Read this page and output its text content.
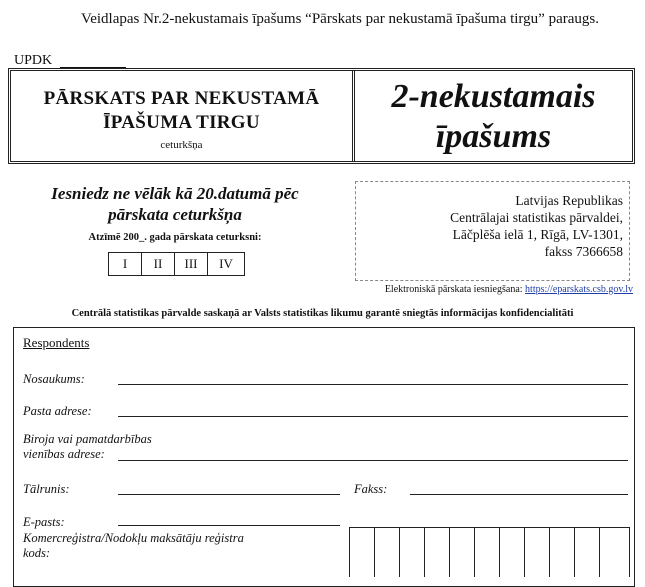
Veidlapas Nr.2-nekustamais īpašums “Pārskats par nekustamā īpašuma tirgu” paraugs.
UPDK
PĀRSKATS PAR NEKUSTAMĀ
ĪPAŠUMA TIRGU
ceturkšņa
2-nekustamais
īpašums
Iesniedz ne vēlāk kā 20.datumā pēc
pārskata ceturkšņa
Atzīmē 200_. gada pārskata ceturksni:
I	II	III	IV
Latvijas Republikas
Centrālajai statistikas pārvaldei,
Lāčplēša ielā 1, Rīgā, LV-1301,
fakss 7366658
Elektroniskā pārskata iesniegšana: https://eparskats.csb.gov.lv
Centrālā statistikas pārvalde saskaņā ar Valsts statistikas likumu garantē sniegtās informācijas konfidencialitāti
Respondents
Nosaukums:
Pasta adrese:
Biroja vai pamatdarbības
vienības adrese:
Tālrunis:	Fakss:
E-pasts:
Komercreģistra/Nodokļu maksātāju reģistra
kods:
